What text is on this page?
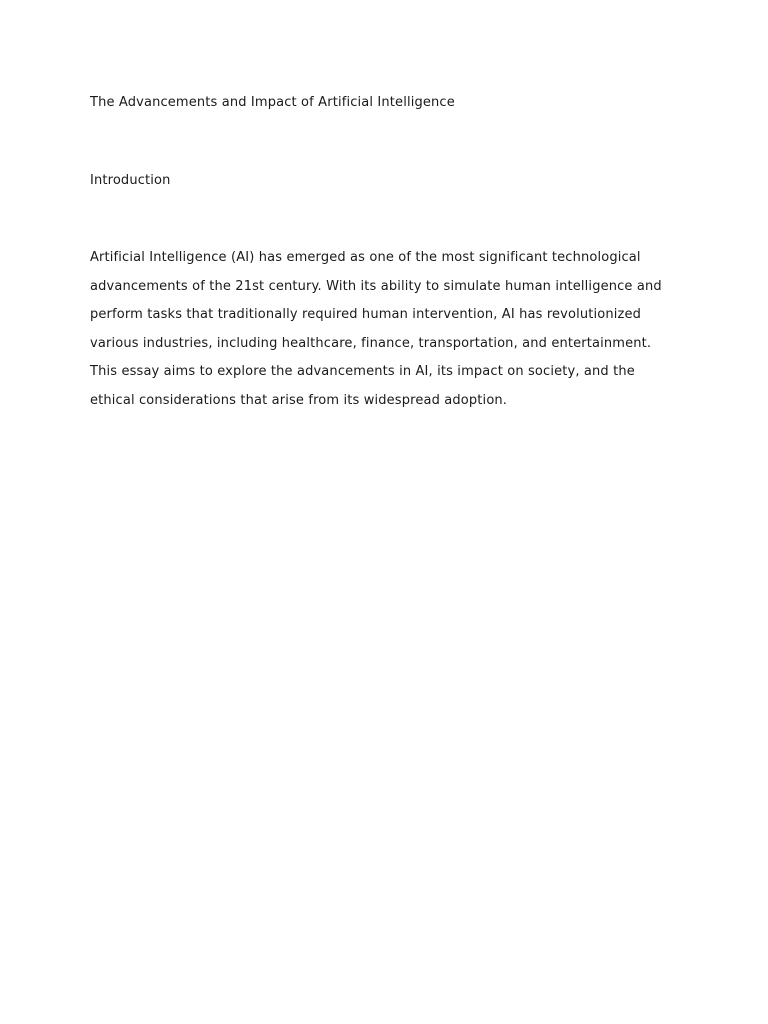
The Advancements and Impact of Artificial Intelligence
Introduction

Artificial Intelligence (AI) has emerged as one of the most significant technological
advancements of the 21st century. With its ability to simulate human intelligence and
perform tasks that traditionally required human intervention, AI has revolutionized
various industries, including healthcare, finance, transportation, and entertainment.
This essay aims to explore the advancements in AI, its impact on society, and the
ethical considerations that arise from its widespread adoption.
